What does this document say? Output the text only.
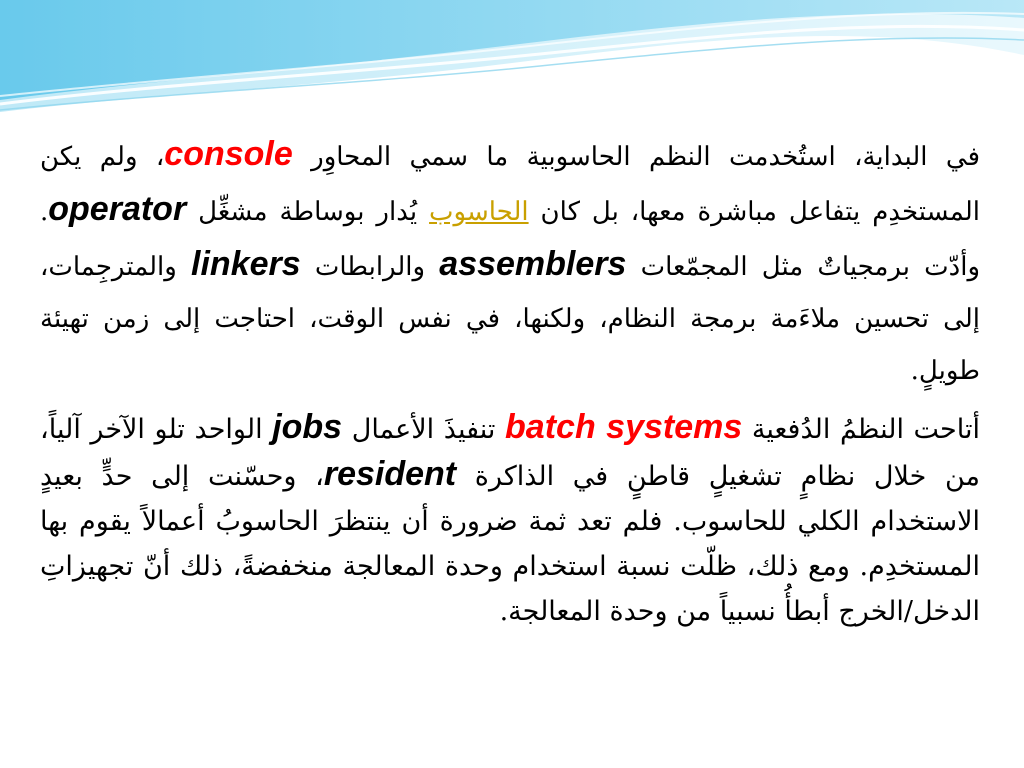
في البداية، استُخدمت النظم الحاسوبية ما سمي المحاوِر console، ولم يكن المستخدِم يتفاعل مباشرة معها، بل كان الحاسوب يُدار بوساطة مشغِّل operator. وأدّت برمجياتٌ مثل المجمّعات assemblers والرابطات linkers والمترجِمات، إلى تحسين ملاءَمة برمجة النظام، ولكنها، في نفس الوقت، احتاجت إلى زمن تهيئة طويلٍ.

أتاحت النظمُ الدُفعية batch systems تنفيذَ الأعمال jobs الواحد تلو الآخر آلياً، من خلال نظامٍ تشغيلٍ قاطنٍ في الذاكرة resident، وحسّنت إلى حدٍّ بعيدٍ الاستخدام الكلي للحاسوب. فلم تعد ثمة ضرورة أن ينتظرَ الحاسوبُ أعمالاً يقوم بها المستخدِم. ومع ذلك، ظلّت نسبة استخدام وحدة المعالجة منخفضةً، ذلك أنّ تجهيزاتِ الدخل/الخرج أبطأُ نسبياً من وحدة المعالجة.
